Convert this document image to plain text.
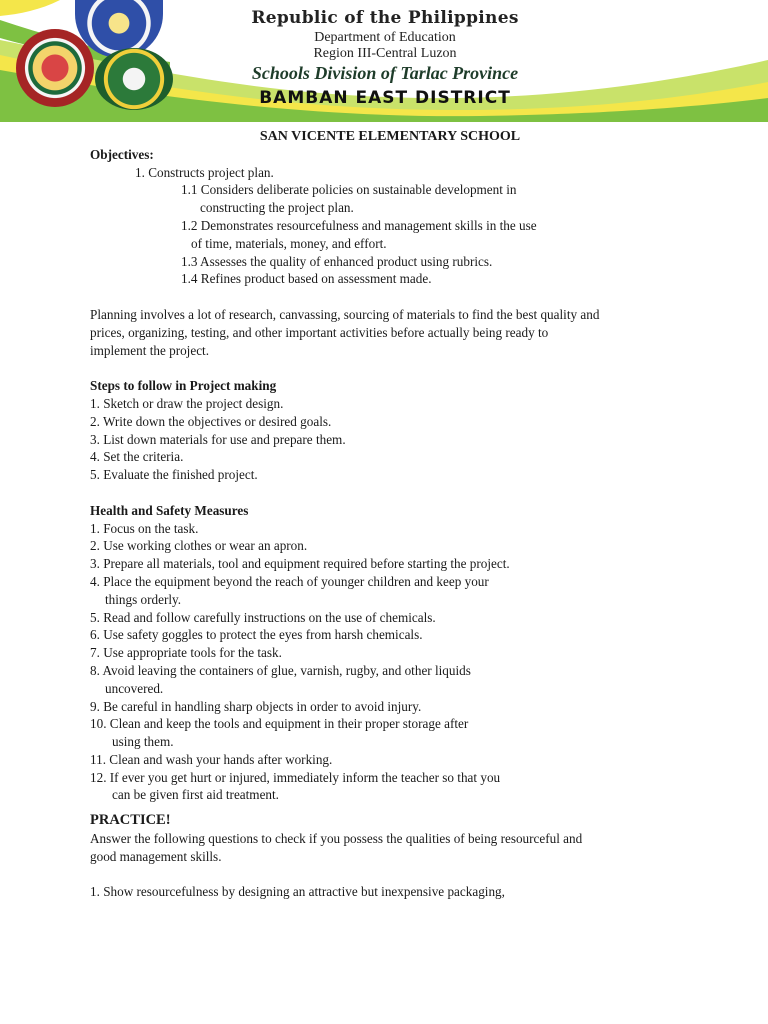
Republic of the Philippines

Department of Education

Region III-Central Luzon

Schools Division of Tarlac Province

BAMBAN EAST DISTRICT

SAN VICENTE ELEMENTARY SCHOOL

Objectives:

1. Constructs project plan.

1.1 Considers deliberate policies on sustainable development in

constructing the project plan.

1.2 Demonstrates resourcefulness and management skills in the use

of time, materials, money, and effort.

1.3 Assesses the quality of enhanced product using rubrics.

1.4 Refines product based on assessment made.

Planning involves a lot of research, canvassing, sourcing of materials to find the best quality and

prices, organizing, testing, and other important activities before actually being ready to

implement the project.

Steps to follow in Project making

1. Sketch or draw the project design.

2. Write down the objectives or desired goals.

3. List down materials for use and prepare them.

4. Set the criteria.

5. Evaluate the finished project.

Health and Safety Measures

1. Focus on the task.

2. Use working clothes or wear an apron.

3. Prepare all materials, tool and equipment required before starting the project.

4. Place the equipment beyond the reach of younger children and keep your

things orderly.

5. Read and follow carefully instructions on the use of chemicals.

6. Use safety goggles to protect the eyes from harsh chemicals.

7. Use appropriate tools for the task.

8. Avoid leaving the containers of glue, varnish, rugby, and other liquids

uncovered.

9. Be careful in handling sharp objects in order to avoid injury.

10. Clean and keep the tools and equipment in their proper storage after

using them.

11. Clean and wash your hands after working.

12. If ever you get hurt or injured, immediately inform the teacher so that you

can be given first aid treatment.

PRACTICE!

Answer the following questions to check if you possess the qualities of being resourceful and

good management skills.

1. Show resourcefulness by designing an attractive but inexpensive packaging,
